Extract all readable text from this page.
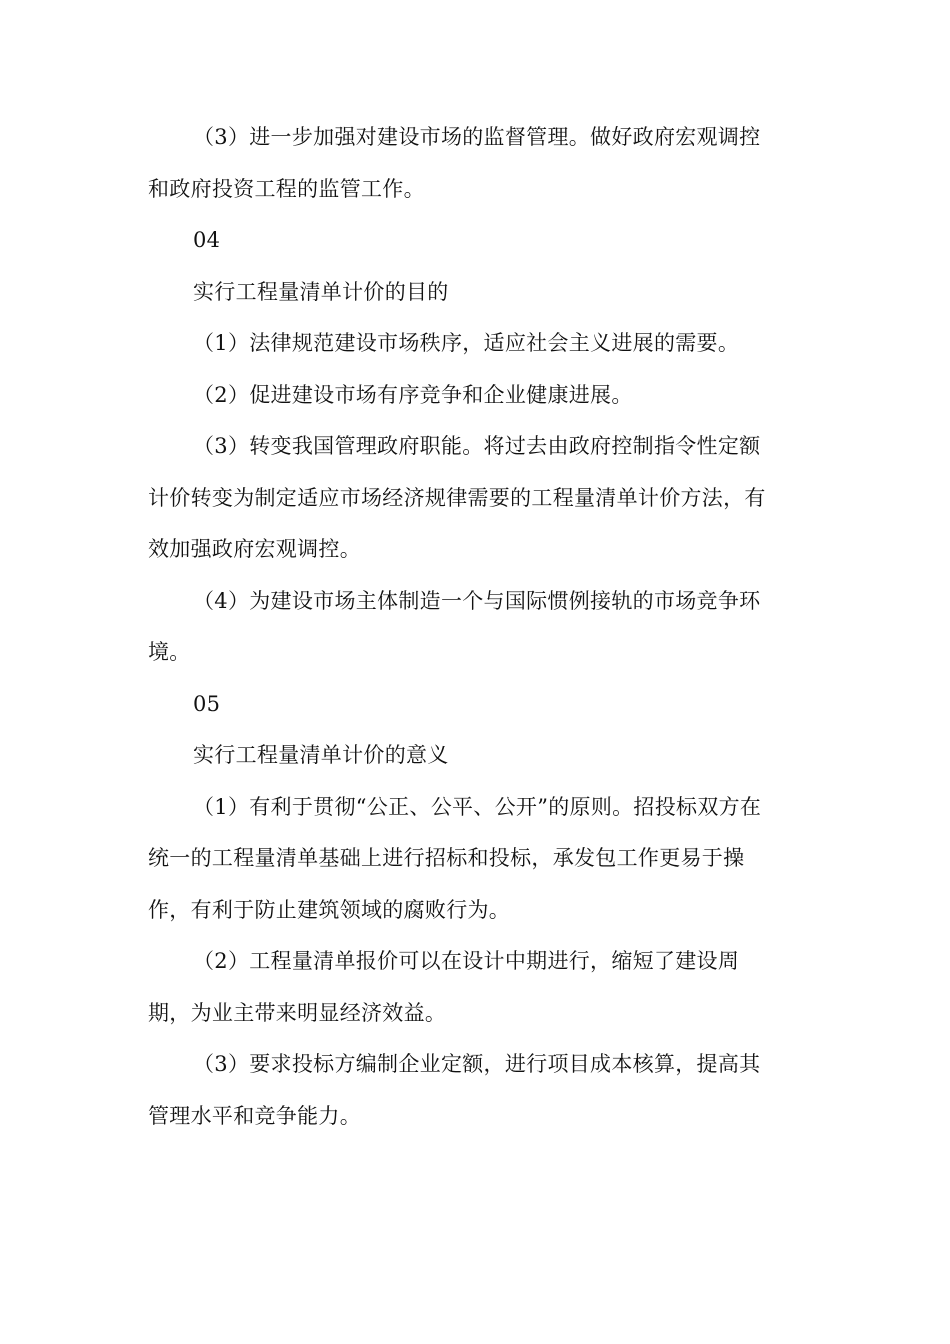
（3）进一步加强对建设市场的监督管理。做好政府宏观调控
和政府投资工程的监管工作。

04

实行工程量清单计价的目的

（1）法律规范建设市场秩序，适应社会主义进展的需要。

（2）促进建设市场有序竞争和企业健康进展。

（3）转变我国管理政府职能。将过去由政府控制指令性定额
计价转变为制定适应市场经济规律需要的工程量清单计价方法，有
效加强政府宏观调控。

（4）为建设市场主体制造一个与国际惯例接轨的市场竞争环
境。

05

实行工程量清单计价的意义

（1）有利于贯彻“公正、公平、公开”的原则。招投标双方在
统一的工程量清单基础上进行招标和投标，承发包工作更易于操
作，有利于防止建筑领域的腐败行为。

（2）工程量清单报价可以在设计中期进行，缩短了建设周
期，为业主带来明显经济效益。

（3）要求投标方编制企业定额，进行项目成本核算，提高其
管理水平和竞争能力。
